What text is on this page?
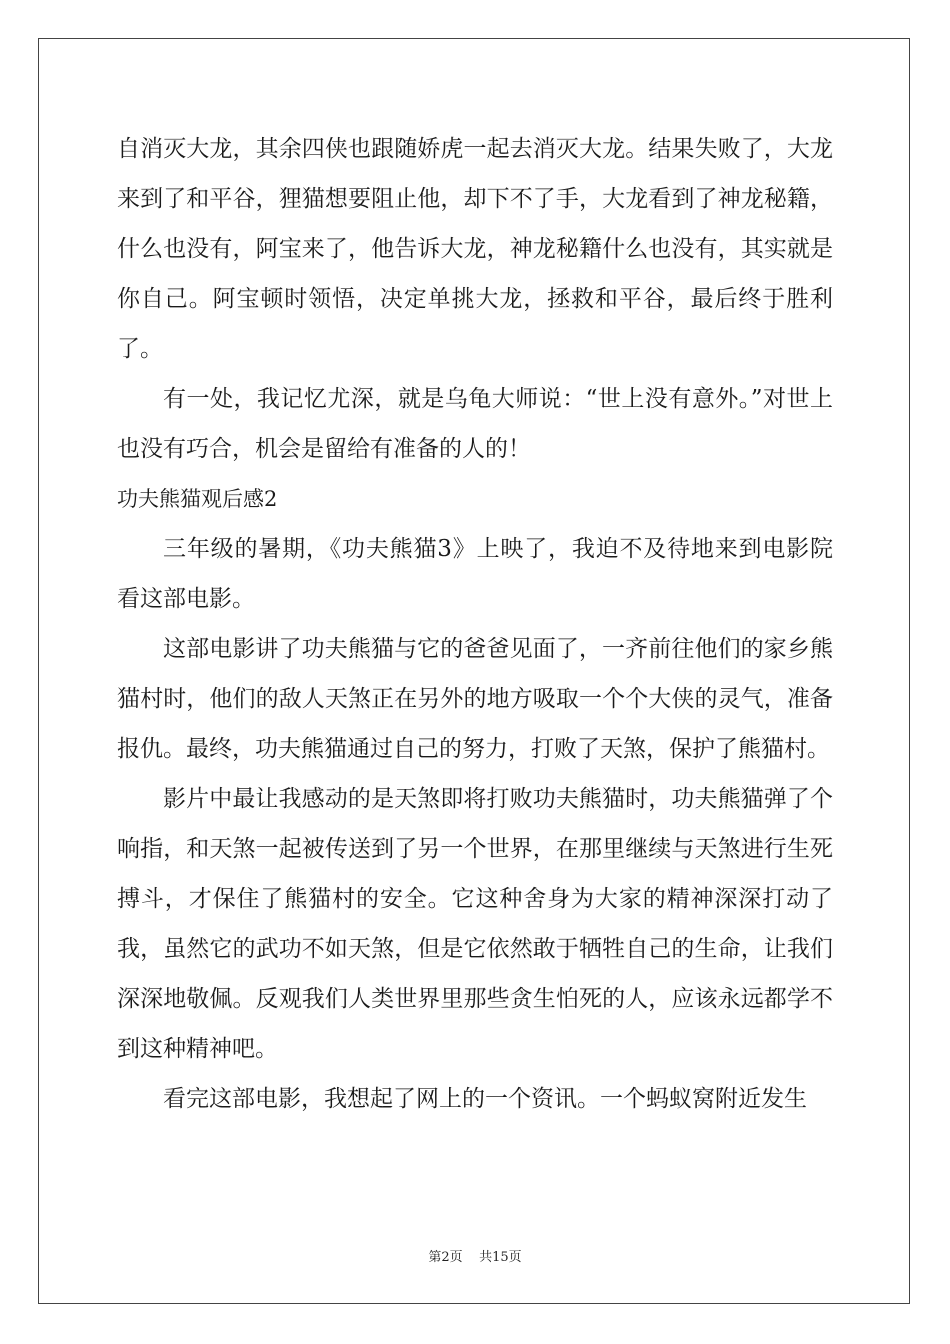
自消灭大龙，其余四侠也跟随娇虎一起去消灭大龙。结果失败了，大龙来到了和平谷，狸猫想要阻止他，却下不了手，大龙看到了神龙秘籍，什么也没有，阿宝来了，他告诉大龙，神龙秘籍什么也没有，其实就是你自己。阿宝顿时领悟，决定单挑大龙，拯救和平谷，最后终于胜利了。

有一处，我记忆尤深，就是乌龟大师说：“世上没有意外。”对世上也没有巧合，机会是留给有准备的人的！

功夫熊猫观后感2

三年级的暑期，《功夫熊猫3》上映了，我迫不及待地来到电影院看这部电影。

这部电影讲了功夫熊猫与它的爸爸见面了，一齐前往他们的家乡熊猫村时，他们的敌人天煞正在另外的地方吸取一个个大侠的灵气，准备报仇。最终，功夫熊猫通过自己的努力，打败了天煞，保护了熊猫村。

影片中最让我感动的是天煞即将打败功夫熊猫时，功夫熊猫弹了个响指，和天煞一起被传送到了另一个世界，在那里继续与天煞进行生死搏斗，才保住了熊猫村的安全。它这种舍身为大家的精神深深打动了我，虽然它的武功不如天煞，但是它依然敢于牺牲自己的生命，让我们深深地敬佩。反观我们人类世界里那些贪生怕死的人，应该永远都学不到这种精神吧。

看完这部电影，我想起了网上的一个资讯。一个蚂蚁窝附近发生

第2页 共15页
